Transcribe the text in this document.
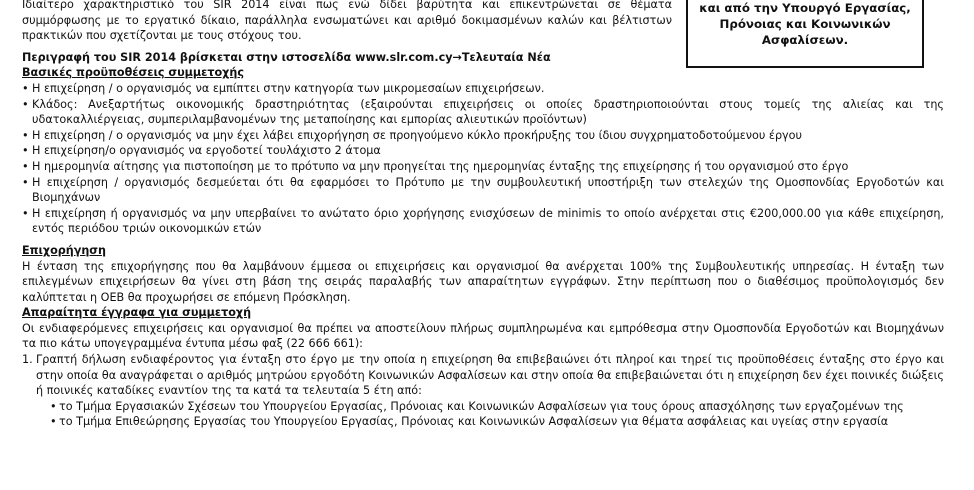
και από την Υπουργό Εργασίας,
Πρόνοιας και Κοινωνικών
Ασφαλίσεων.

Ιδιαίτερο χαρακτηριστικό του SIR 2014 είναι πως ενώ δίδει βαρύτητα και επικεντρώνεται σε θέματα συμμόρφωσης με το εργατικό δίκαιο, παράλληλα ενσωματώνει και αριθμό δοκιμασμένων καλών και βέλτιστων πρακτικών που σχετίζονται με τους στόχους του.

Περιγραφή του SIR 2014 βρίσκεται στην ιστοσελίδα www.slr.com.cy→Τελευταία Νέα
Βασικές προϋποθέσεις συμμετοχής
• Η επιχείρηση / ο οργανισμός να εμπίπτει στην κατηγορία των μικρομεσαίων επιχειρήσεων.
• Κλάδος: Ανεξαρτήτως οικονομικής δραστηριότητας (εξαιρούνται επιχειρήσεις οι οποίες δραστηριοποιούνται στους τομείς της αλιείας και της υδατοκαλλιέργειας, συμπεριλαμβανομένων της μεταποίησης και εμπορίας αλιευτικών προϊόντων)
• Η επιχείρηση / ο οργανισμός να μην έχει λάβει επιχορήγηση σε προηγούμενο κύκλο προκήρυξης του ίδιου συγχρηματοδοτούμενου έργου
• Η επιχείρηση/ο οργανισμός να εργοδοτεί τουλάχιστο 2 άτομα
• Η ημερομηνία αίτησης για πιστοποίηση με το πρότυπο να μην προηγείται της ημερομηνίας ένταξης της επιχείρησης ή του οργανισμού στο έργο
• Η επιχείρηση / οργανισμός δεσμεύεται ότι θα εφαρμόσει το Πρότυπο με την συμβουλευτική υποστήριξη των στελεχών της Ομοσπονδίας Εργοδοτών και Βιομηχάνων
• Η επιχείρηση ή οργανισμός να μην υπερβαίνει το ανώτατο όριο χορήγησης ενισχύσεων de minimis το οποίο ανέρχεται στις €200,000.00 για κάθε επιχείρηση, εντός περιόδου τριών οικονομικών ετών
Επιχορήγηση

Η ένταση της επιχορήγησης που θα λαμβάνουν έμμεσα οι επιχειρήσεις και οργανισμοί θα ανέρχεται 100% της Συμβουλευτικής υπηρεσίας. Η ένταξη των επιλεγμένων επιχειρήσεων θα γίνει στη βάση της σειράς παραλαβής των απαραίτητων εγγράφων. Στην περίπτωση που ο διαθέσιμος προϋπολογισμός δεν καλύπτεται η ΟΕΒ θα προχωρήσει σε επόμενη Πρόσκληση.

Απαραίτητα έγγραφα για συμμετοχή

Οι ενδιαφερόμενες επιχειρήσεις και οργανισμοί θα πρέπει να αποστείλουν πλήρως συμπληρωμένα και εμπρόθεσμα στην Ομοσπονδία Εργοδοτών και Βιομηχάνων τα πιο κάτω υπογεγραμμένα έντυπα μέσω φαξ (22 666 661):

1. Γραπτή δήλωση ενδιαφέροντος για ένταξη στο έργο με την οποία η επιχείρηση θα επιβεβαιώνει ότι πληροί και τηρεί τις προϋποθέσεις ένταξης στο έργο και στην οποία θα αναγράφεται ο αριθμός μητρώου εργοδότη Κοινωνικών Ασφαλίσεων και στην οποία θα επιβεβαιώνεται ότι η επιχείρηση δεν έχει ποινικές διώξεις ή ποινικές καταδίκες εναντίον της τα κατά τα τελευταία 5 έτη από:
• το Τμήμα Εργασιακών Σχέσεων του Υπουργείου Εργασίας, Πρόνοιας και Κοινωνικών Ασφαλίσεων για τους όρους απασχόλησης των εργαζομένων της
• το Τμήμα Επιθεώρησης Εργασίας του Υπουργείου Εργασίας, Πρόνοιας και Κοινωνικών Ασφαλίσεων για θέματα ασφάλειας και υγείας στην εργασία
